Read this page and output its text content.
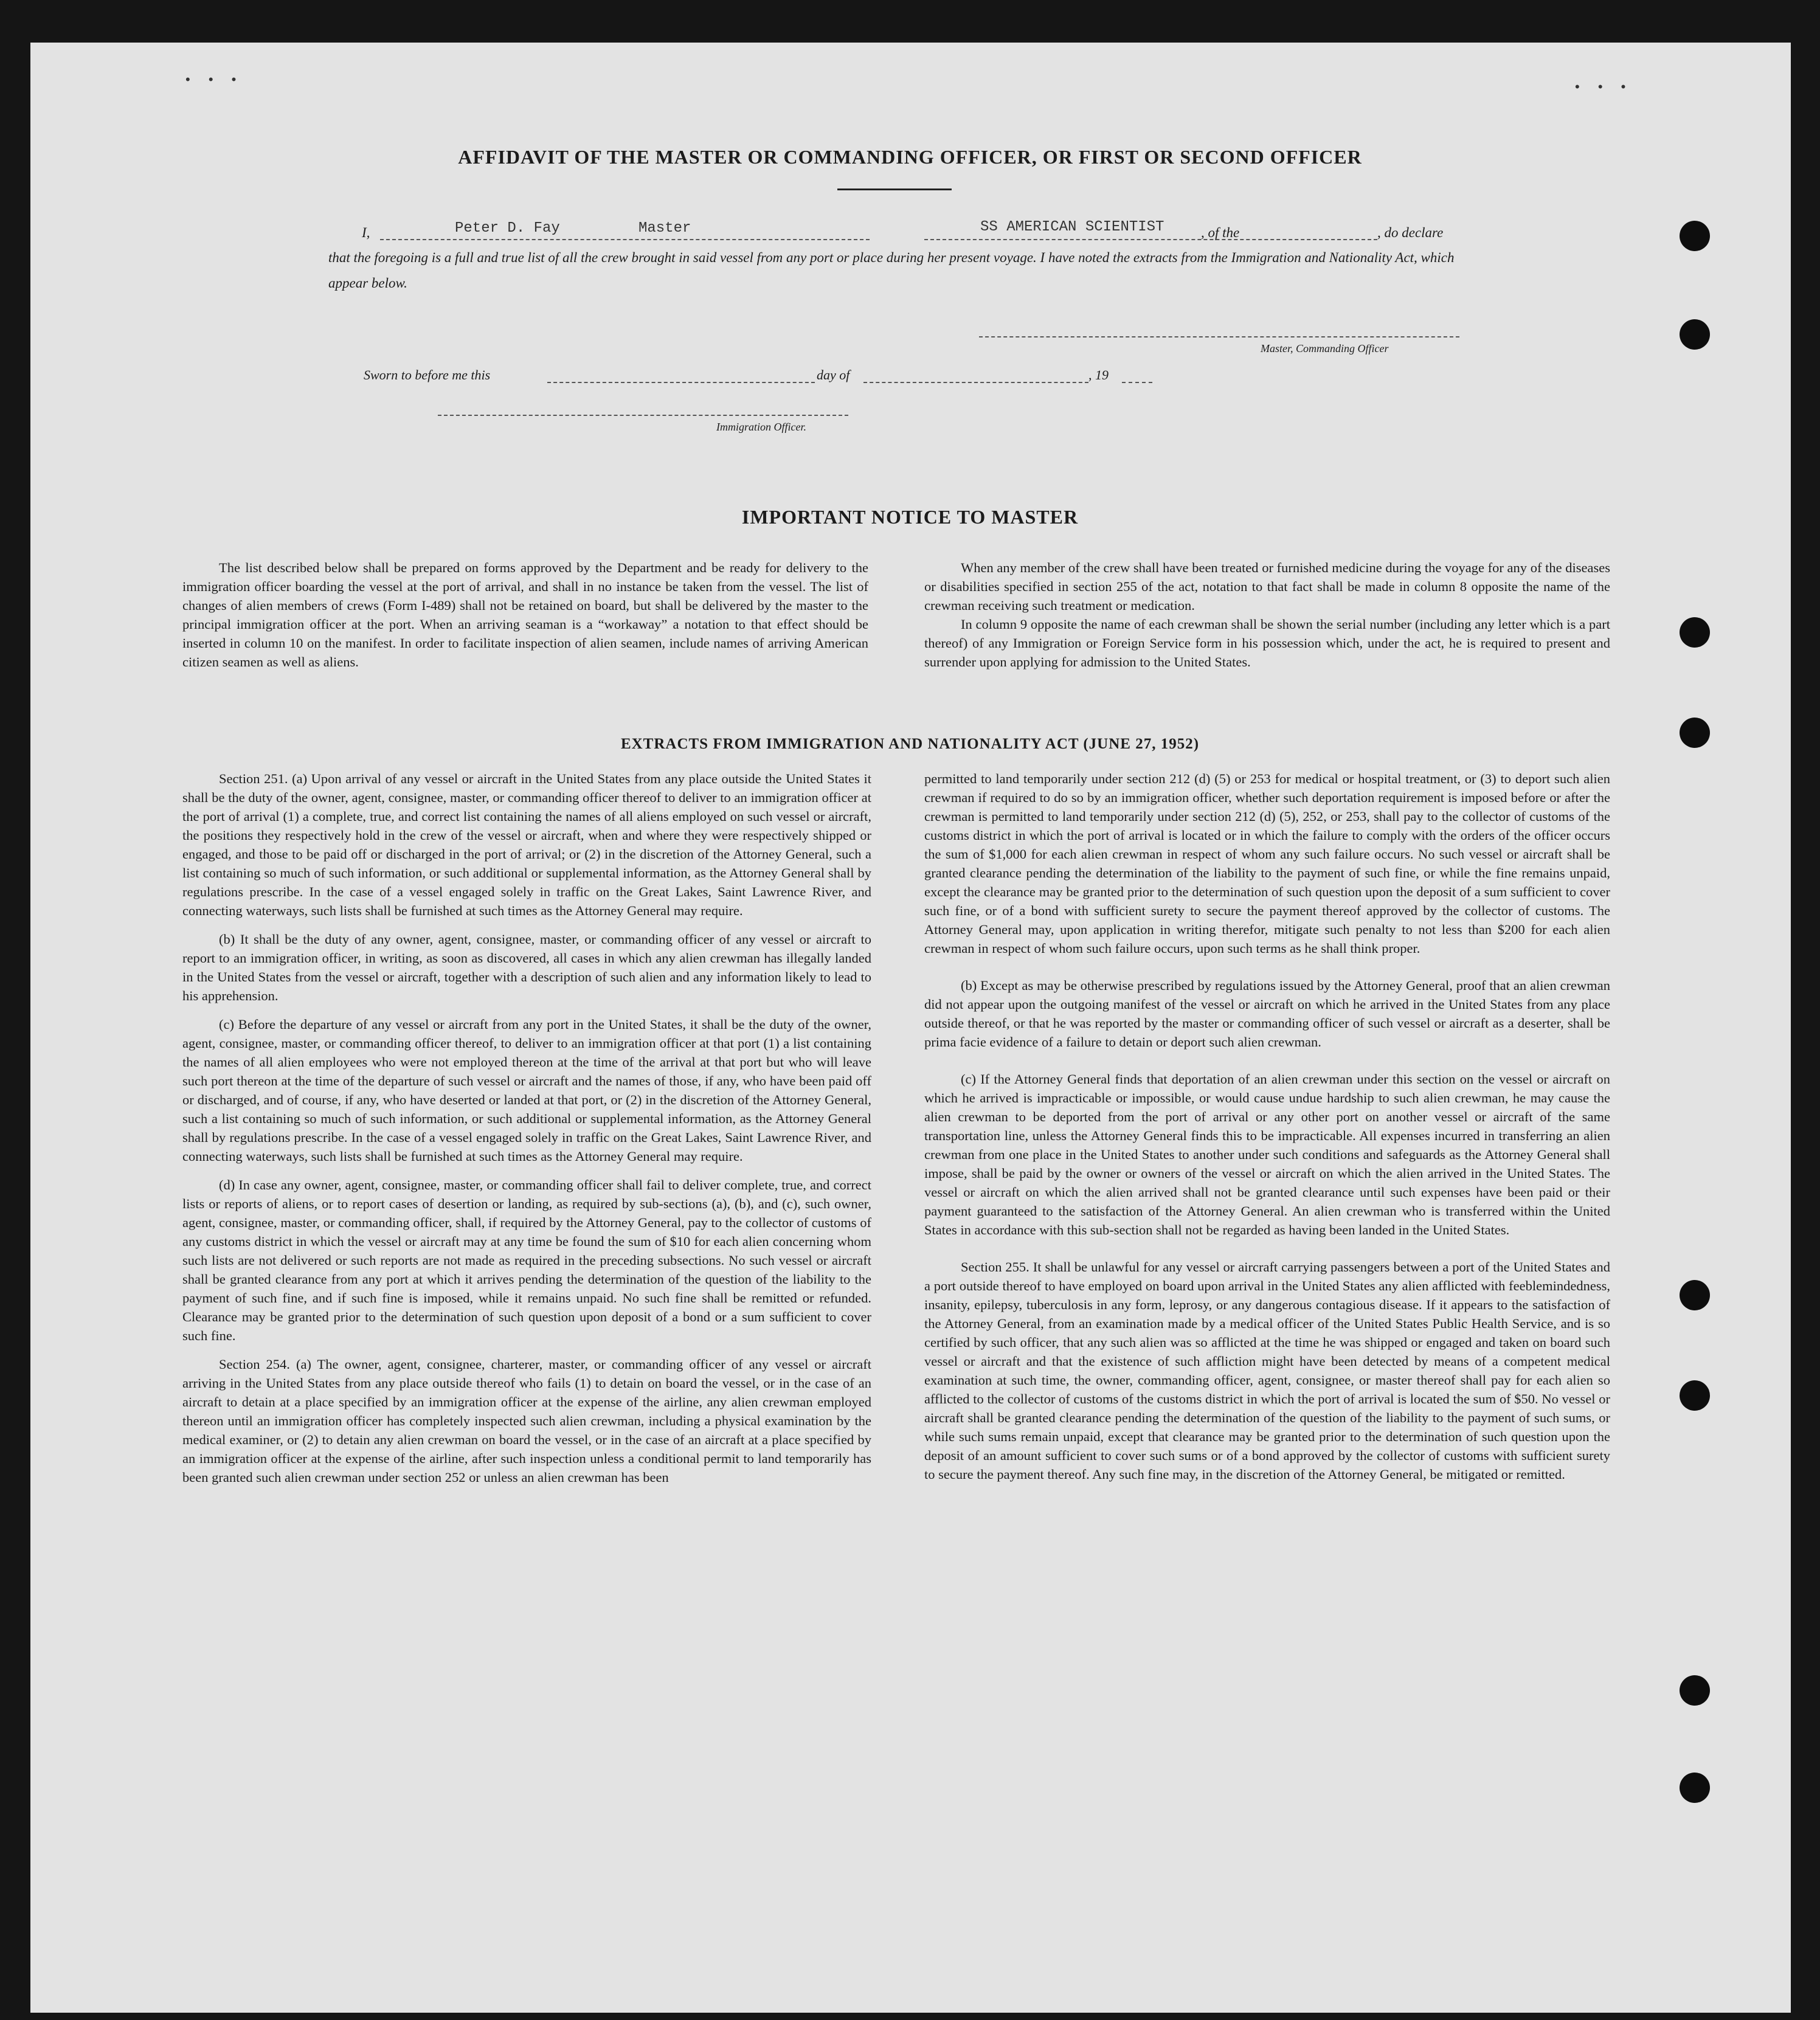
• • •	• • •
AFFIDAVIT OF THE MASTER OR COMMANDING OFFICER, OR FIRST OR SECOND OFFICER
I,	, of the	, do declare
Peter D. Fay	Master	SS AMERICAN SCIENTIST
that the foregoing is a full and true list of all the crew brought in said vessel from any port or place during her present voyage. I have noted the extracts from the Immigration and Nationality Act, which appear below.
Master, Commanding Officer
Sworn to before me this	day of	, 19
Immigration Officer.
IMPORTANT NOTICE TO MASTER

The list described below shall be prepared on forms approved by the Department and be ready for delivery to the immigration officer boarding the vessel at the port of arrival, and shall in no instance be taken from the vessel. The list of changes of alien members of crews (Form I-489) shall not be retained on board, but shall be delivered by the master to the principal immigration officer at the port. When an arriving seaman is a “workaway” a notation to that effect should be inserted in column 10 on the manifest. In order to facilitate inspection of alien seamen, include names of arriving American citizen seamen as well as aliens.

When any member of the crew shall have been treated or furnished medicine during the voyage for any of the diseases or disabilities specified in section 255 of the act, notation to that fact shall be made in column 8 opposite the name of the crewman receiving such treatment or medication.

In column 9 opposite the name of each crewman shall be shown the serial number (including any letter which is a part thereof) of any Immigration or Foreign Service form in his possession which, under the act, he is required to present and surrender upon applying for admission to the United States.

EXTRACTS FROM IMMIGRATION AND NATIONALITY ACT (JUNE 27, 1952)

Section 251. (a) Upon arrival of any vessel or aircraft in the United States from any place outside the United States it shall be the duty of the owner, agent, consignee, master, or commanding officer thereof to deliver to an immigration officer at the port of arrival (1) a complete, true, and correct list containing the names of all aliens employed on such vessel or aircraft, the positions they respectively hold in the crew of the vessel or aircraft, when and where they were respectively shipped or engaged, and those to be paid off or discharged in the port of arrival; or (2) in the discretion of the Attorney General, such a list containing so much of such information, or such additional or supplemental information, as the Attorney General shall by regulations prescribe. In the case of a vessel engaged solely in traffic on the Great Lakes, Saint Lawrence River, and connecting waterways, such lists shall be furnished at such times as the Attorney General may require.

(b) It shall be the duty of any owner, agent, consignee, master, or commanding officer of any vessel or aircraft to report to an immigration officer, in writing, as soon as discovered, all cases in which any alien crewman has illegally landed in the United States from the vessel or aircraft, together with a description of such alien and any information likely to lead to his apprehension.

(c) Before the departure of any vessel or aircraft from any port in the United States, it shall be the duty of the owner, agent, consignee, master, or commanding officer thereof, to deliver to an immigration officer at that port (1) a list containing the names of all alien employees who were not employed thereon at the time of the arrival at that port but who will leave such port thereon at the time of the departure of such vessel or aircraft and the names of those, if any, who have been paid off or discharged, and of course, if any, who have deserted or landed at that port, or (2) in the discretion of the Attorney General, such a list containing so much of such information, or such additional or supplemental information, as the Attorney General shall by regulations prescribe. In the case of a vessel engaged solely in traffic on the Great Lakes, Saint Lawrence River, and connecting waterways, such lists shall be furnished at such times as the Attorney General may require.

(d) In case any owner, agent, consignee, master, or commanding officer shall fail to deliver complete, true, and correct lists or reports of aliens, or to report cases of desertion or landing, as required by sub-sections (a), (b), and (c), such owner, agent, consignee, master, or commanding officer, shall, if required by the Attorney General, pay to the collector of customs of any customs district in which the vessel or aircraft may at any time be found the sum of $10 for each alien concerning whom such lists are not delivered or such reports are not made as required in the preceding subsections. No such vessel or aircraft shall be granted clearance from any port at which it arrives pending the determination of the question of the liability to the payment of such fine, and if such fine is imposed, while it remains unpaid. No such fine shall be remitted or refunded. Clearance may be granted prior to the determination of such question upon deposit of a bond or a sum sufficient to cover such fine.

Section 254. (a) The owner, agent, consignee, charterer, master, or commanding officer of any vessel or aircraft arriving in the United States from any place outside thereof who fails (1) to detain on board the vessel, or in the case of an aircraft to detain at a place specified by an immigration officer at the expense of the airline, any alien crewman employed thereon until an immigration officer has completely inspected such alien crewman, including a physical examination by the medical examiner, or (2) to detain any alien crewman on board the vessel, or in the case of an aircraft at a place specified by an immigration officer at the expense of the airline, after such inspection unless a conditional permit to land temporarily has been granted such alien crewman under section 252 or unless an alien crewman has been

permitted to land temporarily under section 212 (d) (5) or 253 for medical or hospital treatment, or (3) to deport such alien crewman if required to do so by an immigration officer, whether such deportation requirement is imposed before or after the crewman is permitted to land temporarily under section 212 (d) (5), 252, or 253, shall pay to the collector of customs of the customs district in which the port of arrival is located or in which the failure to comply with the orders of the officer occurs the sum of $1,000 for each alien crewman in respect of whom any such failure occurs. No such vessel or aircraft shall be granted clearance pending the determination of the liability to the payment of such fine, or while the fine remains unpaid, except the clearance may be granted prior to the determination of such question upon the deposit of a sum sufficient to cover such fine, or of a bond with sufficient surety to secure the payment thereof approved by the collector of customs. The Attorney General may, upon application in writing therefor, mitigate such penalty to not less than $200 for each alien crewman in respect of whom such failure occurs, upon such terms as he shall think proper.

(b) Except as may be otherwise prescribed by regulations issued by the Attorney General, proof that an alien crewman did not appear upon the outgoing manifest of the vessel or aircraft on which he arrived in the United States from any place outside thereof, or that he was reported by the master or commanding officer of such vessel or aircraft as a deserter, shall be prima facie evidence of a failure to detain or deport such alien crewman.

(c) If the Attorney General finds that deportation of an alien crewman under this section on the vessel or aircraft on which he arrived is impracticable or impossible, or would cause undue hardship to such alien crewman, he may cause the alien crewman to be deported from the port of arrival or any other port on another vessel or aircraft of the same transportation line, unless the Attorney General finds this to be impracticable. All expenses incurred in transferring an alien crewman from one place in the United States to another under such conditions and safeguards as the Attorney General shall impose, shall be paid by the owner or owners of the vessel or aircraft on which the alien arrived in the United States. The vessel or aircraft on which the alien arrived shall not be granted clearance until such expenses have been paid or their payment guaranteed to the satisfaction of the Attorney General. An alien crewman who is transferred within the United States in accordance with this sub-section shall not be regarded as having been landed in the United States.

Section 255. It shall be unlawful for any vessel or aircraft carrying passengers between a port of the United States and a port outside thereof to have employed on board upon arrival in the United States any alien afflicted with feeblemindedness, insanity, epilepsy, tuberculosis in any form, leprosy, or any dangerous contagious disease. If it appears to the satisfaction of the Attorney General, from an examination made by a medical officer of the United States Public Health Service, and is so certified by such officer, that any such alien was so afflicted at the time he was shipped or engaged and taken on board such vessel or aircraft and that the existence of such affliction might have been detected by means of a competent medical examination at such time, the owner, commanding officer, agent, consignee, or master thereof shall pay for each alien so afflicted to the collector of customs of the customs district in which the port of arrival is located the sum of $50. No vessel or aircraft shall be granted clearance pending the determination of the question of the liability to the payment of such sums, or while such sums remain unpaid, except that clearance may be granted prior to the determination of such question upon the deposit of an amount sufficient to cover such sums or of a bond approved by the collector of customs with sufficient surety to secure the payment thereof. Any such fine may, in the discretion of the Attorney General, be mitigated or remitted.
